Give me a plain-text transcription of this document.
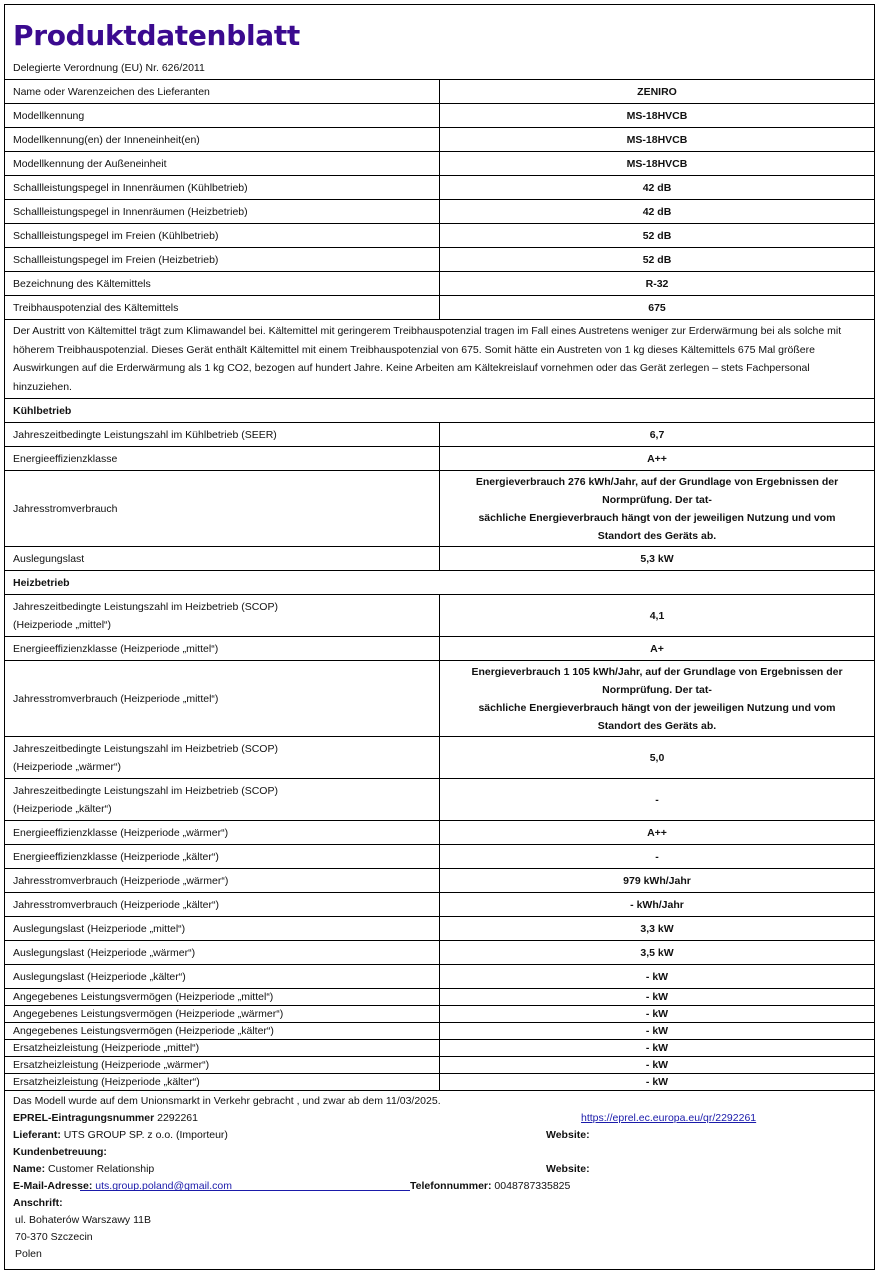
Produktdatenblatt
Delegierte Verordnung (EU) Nr. 626/2011
Name oder Warenzeichen des Lieferanten	ZENIRO
Modellkennung	MS-18HVCB
Modellkennung(en) der Inneneinheit(en)	MS-18HVCB
Modellkennung der Außeneinheit	MS-18HVCB
Schallleistungspegel in Innenräumen (Kühlbetrieb)	42 dB
Schallleistungspegel in Innenräumen (Heizbetrieb)	42 dB
Schallleistungspegel im Freien (Kühlbetrieb)	52 dB
Schallleistungspegel im Freien (Heizbetrieb)	52 dB
Bezeichnung des Kältemittels	R-32
Treibhauspotenzial des Kältemittels	675
Der Austritt von Kältemittel trägt zum Klimawandel bei. Kältemittel mit geringerem Treibhauspotenzial tragen im Fall eines Austretens weniger zur Erderwärmung bei als solche mit höherem Treibhauspotenzial. Dieses Gerät enthält Kältemittel mit einem Treibhauspotenzial von 675. Somit hätte ein Austreten von 1 kg dieses Kältemittels 675 Mal größere Auswirkungen auf die Erderwärmung als 1 kg CO2, bezogen auf hundert Jahre. Keine Arbeiten am Kältekreislauf vornehmen oder das Gerät zerlegen – stets Fachpersonal hinzuziehen.	
Kühlbetrieb	
Jahreszeitbedingte Leistungszahl im Kühlbetrieb (SEER)	6,7
Energieeffizienzklasse	A++
Jahresstromverbrauch	Energieverbrauch 276 kWh/Jahr, auf der Grundlage von Ergebnissen der
Normprüfung. Der tat-
sächliche Energieverbrauch hängt von der jeweiligen Nutzung und vom
Standort des Geräts ab.

Auslegungslast	5,3 kW
Heizbetrieb	

Jahreszeitbedingte Leistungszahl im Heizbetrieb (SCOP)
(Heizperiode „mittel“)	4,1
Energieeffizienzklasse (Heizperiode „mittel“)	A+
Jahresstromverbrauch (Heizperiode „mittel“)	Energieverbrauch 1 105 kWh/Jahr, auf der Grundlage von Ergebnissen der
Normprüfung. Der tat-
sächliche Energieverbrauch hängt von der jeweiligen Nutzung und vom
Standort des Geräts ab.

Jahreszeitbedingte Leistungszahl im Heizbetrieb (SCOP)
(Heizperiode „wärmer“)	5,0

Jahreszeitbedingte Leistungszahl im Heizbetrieb (SCOP)
(Heizperiode „kälter“)	-
Energieeffizienzklasse (Heizperiode „wärmer“)	A++
Energieeffizienzklasse (Heizperiode „kälter“)	-
Jahresstromverbrauch (Heizperiode „wärmer“)	979 kWh/Jahr
Jahresstromverbrauch (Heizperiode „kälter“)	- kWh/Jahr
Auslegungslast (Heizperiode „mittel“)	3,3 kW
Auslegungslast (Heizperiode „wärmer“)	3,5 kW
Auslegungslast (Heizperiode „kälter“)	- kW
Angegebenes Leistungsvermögen (Heizperiode „mittel“)	- kW
Angegebenes Leistungsvermögen (Heizperiode „wärmer“)	- kW
Angegebenes Leistungsvermögen (Heizperiode „kälter“)	- kW
Ersatzheizleistung (Heizperiode „mittel“)	- kW
Ersatzheizleistung (Heizperiode „wärmer“)	- kW
Ersatzheizleistung (Heizperiode „kälter“)	- kW
Das Modell wurde auf dem Unionsmarkt in Verkehr gebracht , und zwar ab dem 11/03/2025.
EPREL-Eintragungsnummer 2292261	https://eprel.ec.europa.eu/qr/2292261
Lieferant: UTS GROUP SP. z o.o. (Importeur)	Website:
Kundenbetreuung:
Name: Customer Relationship	Website:
E-Mail-Adresse: uts.group.poland@gmail.com	Telefonnummer: 0048787335825
Anschrift:
ul. Bohaterów Warszawy 11B
70-370 Szczecin
Polen
